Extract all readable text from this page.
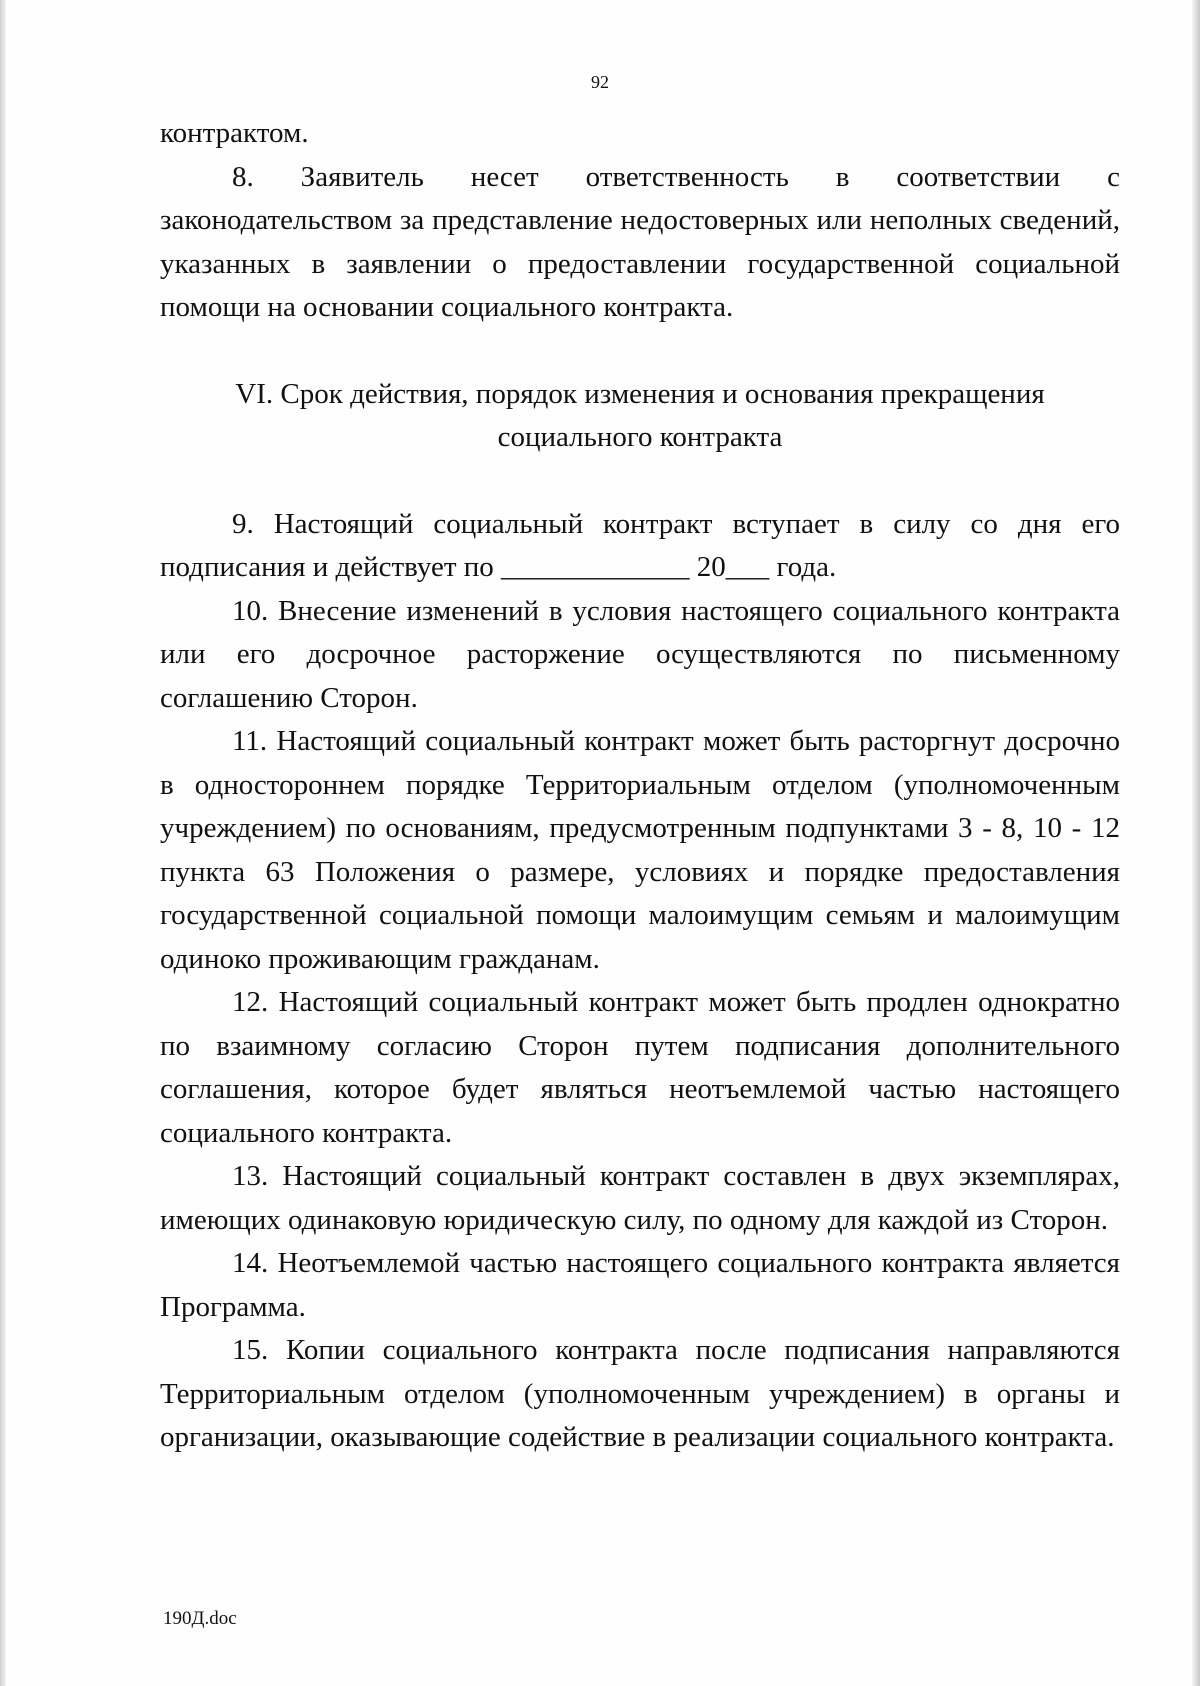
92

контрактом.

8. Заявитель несет ответственность в соответствии с законодательством за представление недостоверных или неполных сведений, указанных в заявлении о предоставлении государственной социальной помощи на основании социального контракта.

VI. Срок действия, порядок изменения и основания прекращения
социального контракта

9. Настоящий социальный контракт вступает в силу со дня его подписания и действует по _____________ 20___ года.

10. Внесение изменений в условия настоящего социального контракта или его досрочное расторжение осуществляются по письменному соглашению Сторон.

11. Настоящий социальный контракт может быть расторгнут досрочно в одностороннем порядке Территориальным отделом (уполномоченным учреждением) по основаниям, предусмотренным подпунктами 3 - 8, 10 - 12 пункта 63 Положения о размере, условиях и порядке предоставления государственной социальной помощи малоимущим семьям и малоимущим одиноко проживающим гражданам.

12. Настоящий социальный контракт может быть продлен однократно по взаимному согласию Сторон путем подписания дополнительного соглашения, которое будет являться неотъемлемой частью настоящего социального контракта.

13. Настоящий социальный контракт составлен в двух экземплярах, имеющих одинаковую юридическую силу, по одному для каждой из Сторон.

14. Неотъемлемой частью настоящего социального контракта является Программа.

15. Копии социального контракта после подписания направляются Территориальным отделом (уполномоченным учреждением) в органы и организации, оказывающие содействие в реализации социального контракта.

190Д.doc
